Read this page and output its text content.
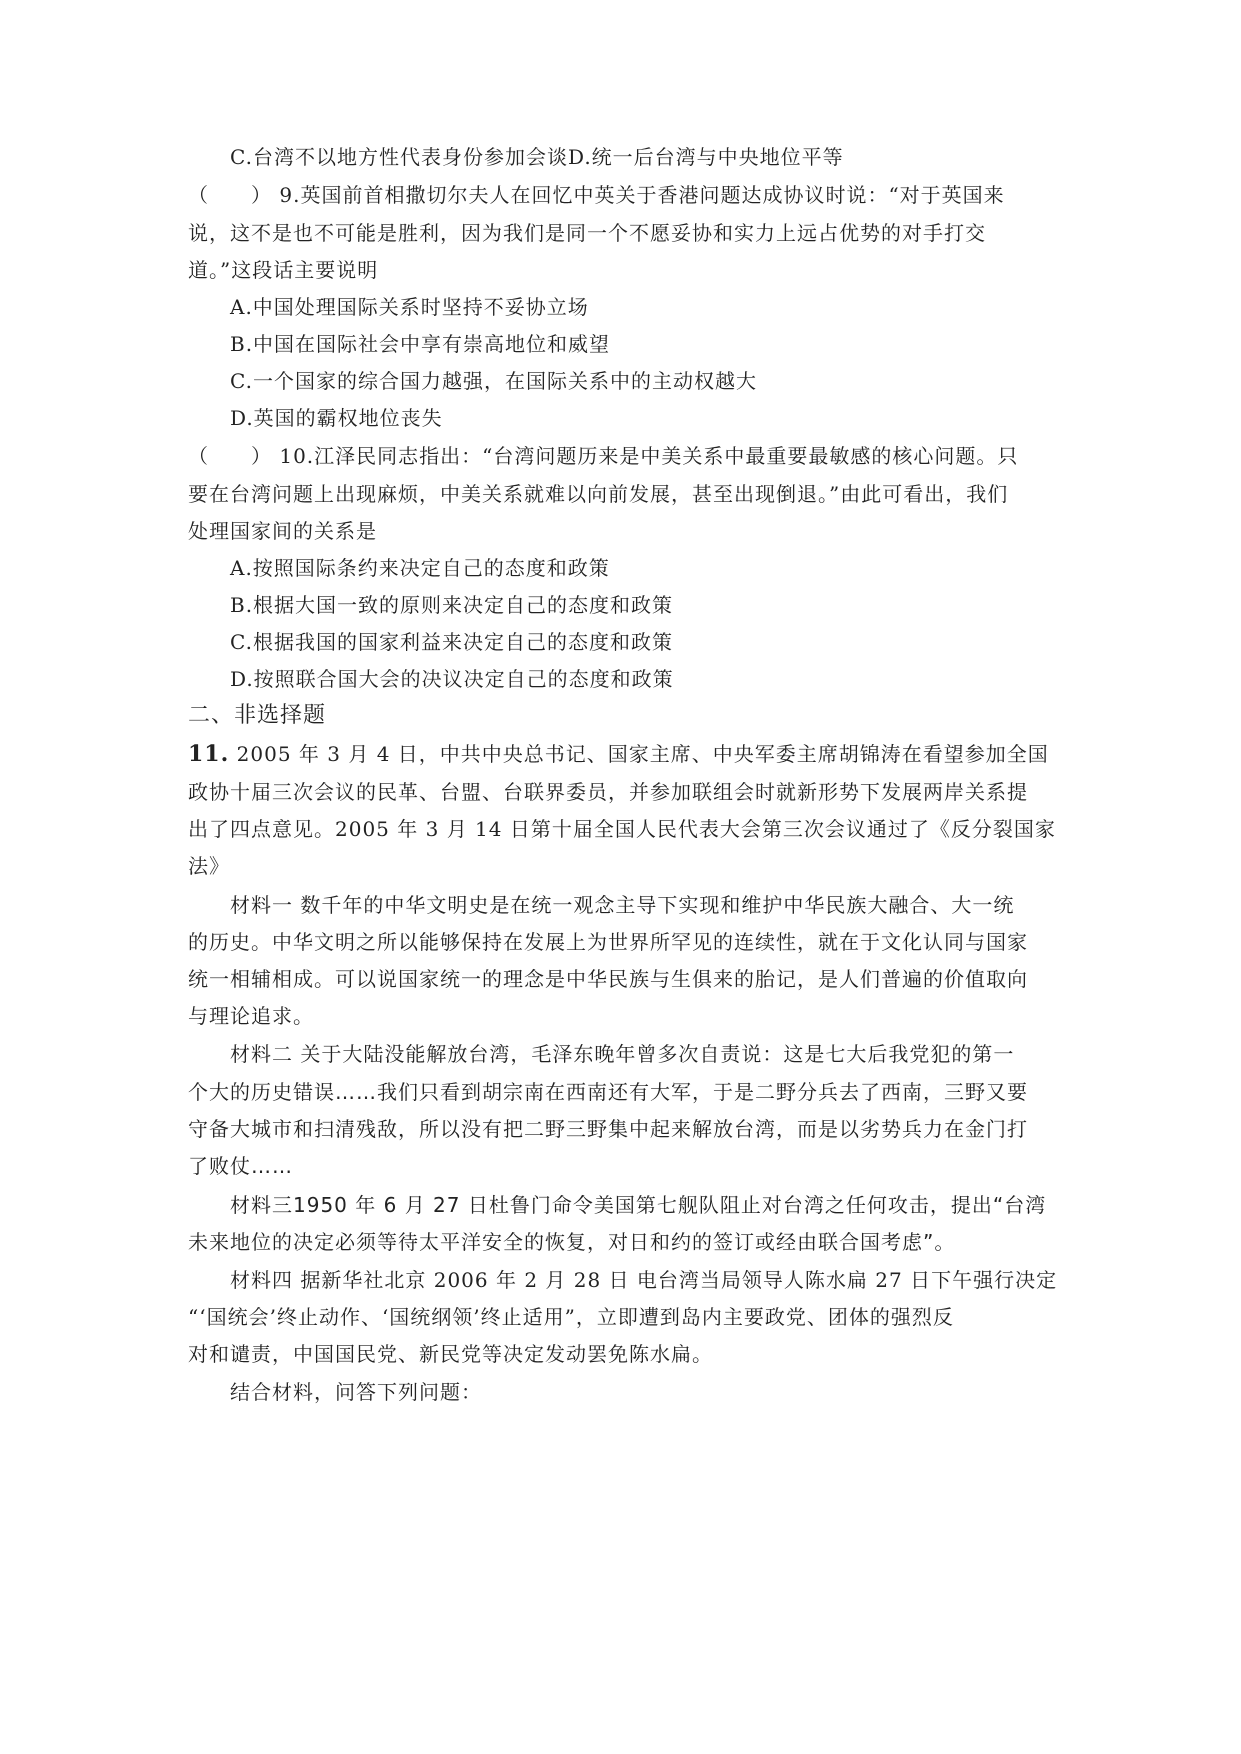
C.台湾不以地方性代表身份参加会谈 D.统一后台湾与中央地位平等
（　　） 9.英国前首相撒切尔夫人在回忆中英关于香港问题达成协议时说：“对于英国来
说，这不是也不可能是胜利，因为我们是同一个不愿妥协和实力上远占优势的对手打交
道。”这段话主要说明
A.中国处理国际关系时坚持不妥协立场
B.中国在国际社会中享有崇高地位和威望
C.一个国家的综合国力越强，在国际关系中的主动权越大
D.英国的霸权地位丧失
（　　） 10.江泽民同志指出：“台湾问题历来是中美关系中最重要最敏感的核心问题。只
要在台湾问题上出现麻烦，中美关系就难以向前发展，甚至出现倒退。”由此可看出，我们
处理国家间的关系是
A.按照国际条约来决定自己的态度和政策
B.根据大国一致的原则来决定自己的态度和政策
C.根据我国的国家利益来决定自己的态度和政策
D.按照联合国大会的决议决定自己的态度和政策
二、非选择题
11. 2005 年 3 月 4 日，中共中央总书记、国家主席、中央军委主席胡锦涛在看望参加全国
政协十届三次会议的民革、台盟、台联界委员，并参加联组会时就新形势下发展两岸关系提
出了四点意见。2005 年 3 月 14 日第十届全国人民代表大会第三次会议通过了《反分裂国家
法》
材料一 数千年的中华文明史是在统一观念主导下实现和维护中华民族大融合、大一统
的历史。中华文明之所以能够保持在发展上为世界所罕见的连续性，就在于文化认同与国家
统一相辅相成。可以说国家统一的理念是中华民族与生俱来的胎记，是人们普遍的价值取向
与理论追求。
材料二 关于大陆没能解放台湾，毛泽东晚年曾多次自责说：这是七大后我党犯的第一
个大的历史错误……我们只看到胡宗南在西南还有大军，于是二野分兵去了西南，三野又要
守备大城市和扫清残敌，所以没有把二野三野集中起来解放台湾，而是以劣势兵力在金门打
了败仗……
材料三1950 年 6 月 27 日杜鲁门命令美国第七舰队阻止对台湾之任何攻击，提出“台湾
未来地位的决定必须等待太平洋安全的恢复，对日和约的签订或经由联合国考虑”。
材料四 据新华社北京 2006 年 2 月 28 日 电台湾当局领导人陈水扁 27 日下午强行决定
“‘国统会’终止动作、‘国统纲领’终止适用”，立即遭到岛内主要政党、团体的强烈反
对和谴责，中国国民党、新民党等决定发动罢免陈水扁。
结合材料，问答下列问题：
